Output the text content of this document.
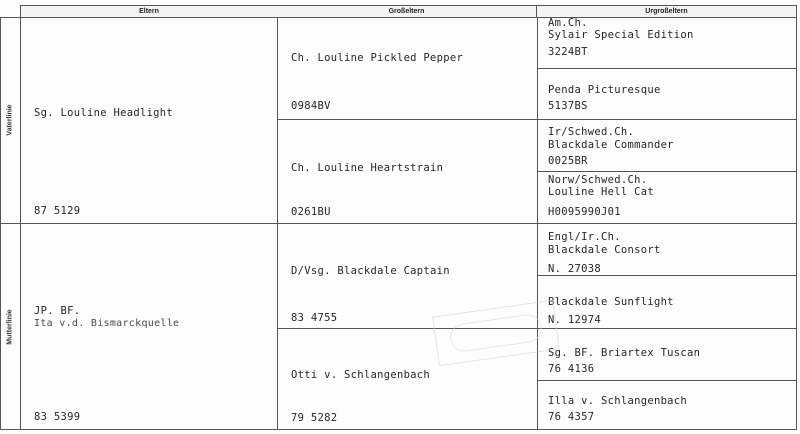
Eltern	Großeltern	Urgroßeltern
Vaterlinie
Mutterlinie
Sg. Louline Headlight
87 5129
JP. BF.
Ita v.d. Bismarckquelle
83 5399
Ch. Louline Pickled Pepper
0984BV
Ch. Louline Heartstrain
0261BU
D/Vsg. Blackdale Captain
83 4755
Otti v. Schlangenbach
79 5282
Am.Ch.
Sylair Special Edition
3224BT
Penda Picturesque
5137BS
Ir/Schwed.Ch.
Blackdale Commander
0025BR
Norw/Schwed.Ch.
Louline Hell Cat
H0095990J01
Engl/Ir.Ch.
Blackdale Consort
N. 27038
Blackdale Sunflight
N. 12974
Sg. BF. Briartex Tuscan
76 4136
Illa v. Schlangenbach
76 4357
